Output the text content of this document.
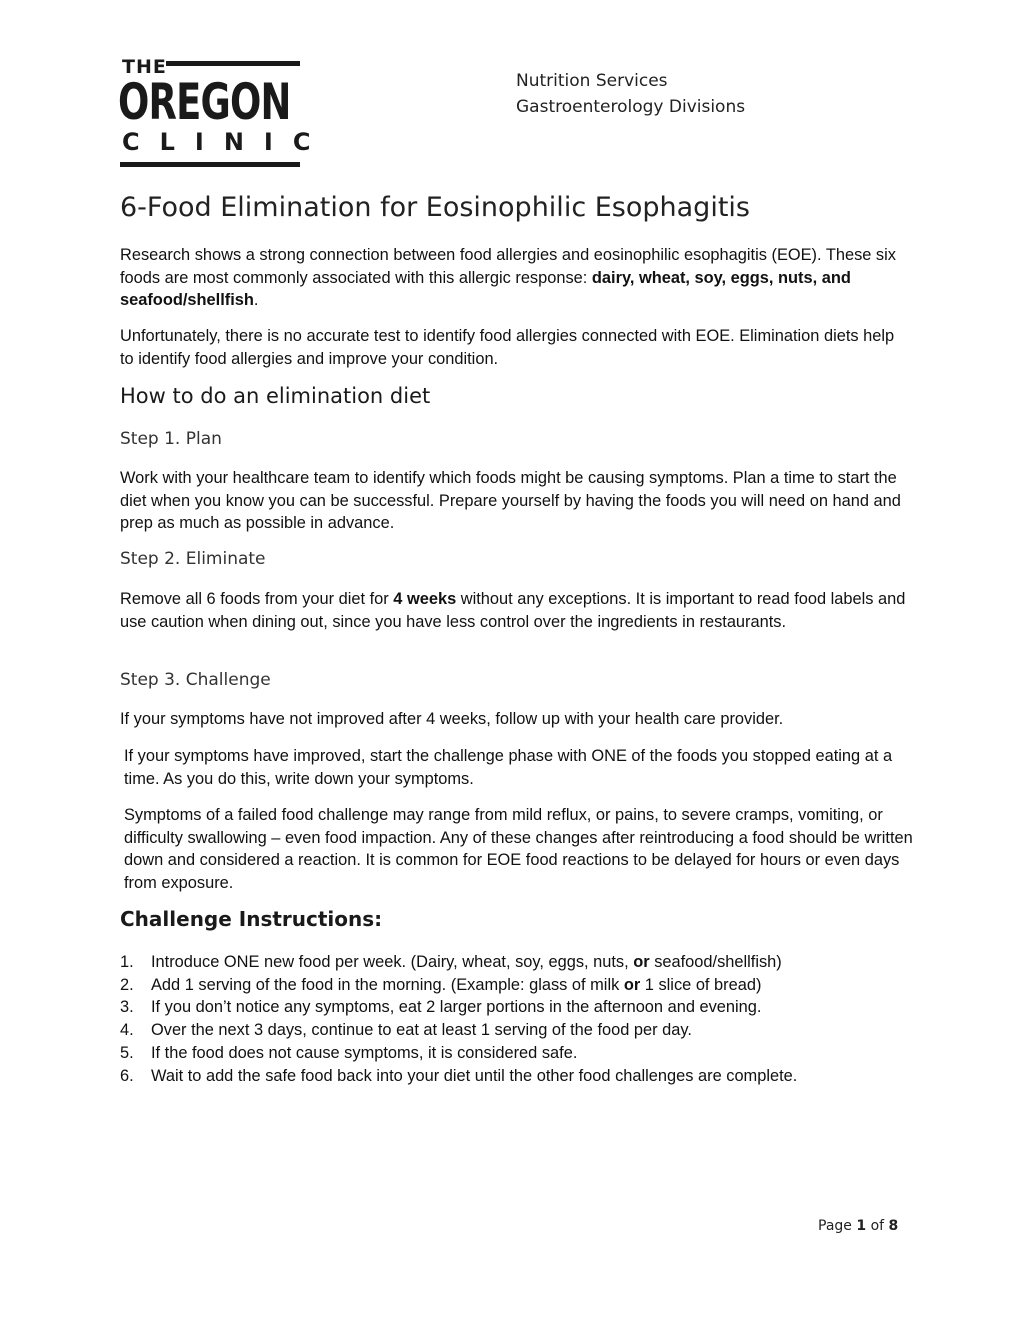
THE
OREGON
CLINIC
Nutrition Services
Gastroenterology Divisions
6-Food Elimination for Eosinophilic Esophagitis

Research shows a strong connection between food allergies and eosinophilic esophagitis (EOE). These six foods are most commonly associated with this allergic response: dairy, wheat, soy, eggs, nuts, and seafood/shellfish.

Unfortunately, there is no accurate test to identify food allergies connected with EOE. Elimination diets help to identify food allergies and improve your condition.

How to do an elimination diet
Step 1. Plan

Work with your healthcare team to identify which foods might be causing symptoms. Plan a time to start the diet when you know you can be successful. Prepare yourself by having the foods you will need on hand and prep as much as possible in advance.

Step 2. Eliminate

Remove all 6 foods from your diet for 4 weeks without any exceptions. It is important to read food labels and use caution when dining out, since you have less control over the ingredients in restaurants.

Step 3. Challenge

If your symptoms have not improved after 4 weeks, follow up with your health care provider.

If your symptoms have improved, start the challenge phase with ONE of the foods you stopped eating at a time. As you do this, write down your symptoms.

Symptoms of a failed food challenge may range from mild reflux, or pains, to severe cramps, vomiting, or difficulty swallowing – even food impaction. Any of these changes after reintroducing a food should be written down and considered a reaction. It is common for EOE food reactions to be delayed for hours or even days from exposure.

Challenge Instructions:
1. Introduce ONE new food per week. (Dairy, wheat, soy, eggs, nuts, or seafood/shellfish)
2. Add 1 serving of the food in the morning. (Example: glass of milk or 1 slice of bread)
3. If you don’t notice any symptoms, eat 2 larger portions in the afternoon and evening.
4. Over the next 3 days, continue to eat at least 1 serving of the food per day.
5. If the food does not cause symptoms, it is considered safe.
6. Wait to add the safe food back into your diet until the other food challenges are complete.
Page 1 of 8
